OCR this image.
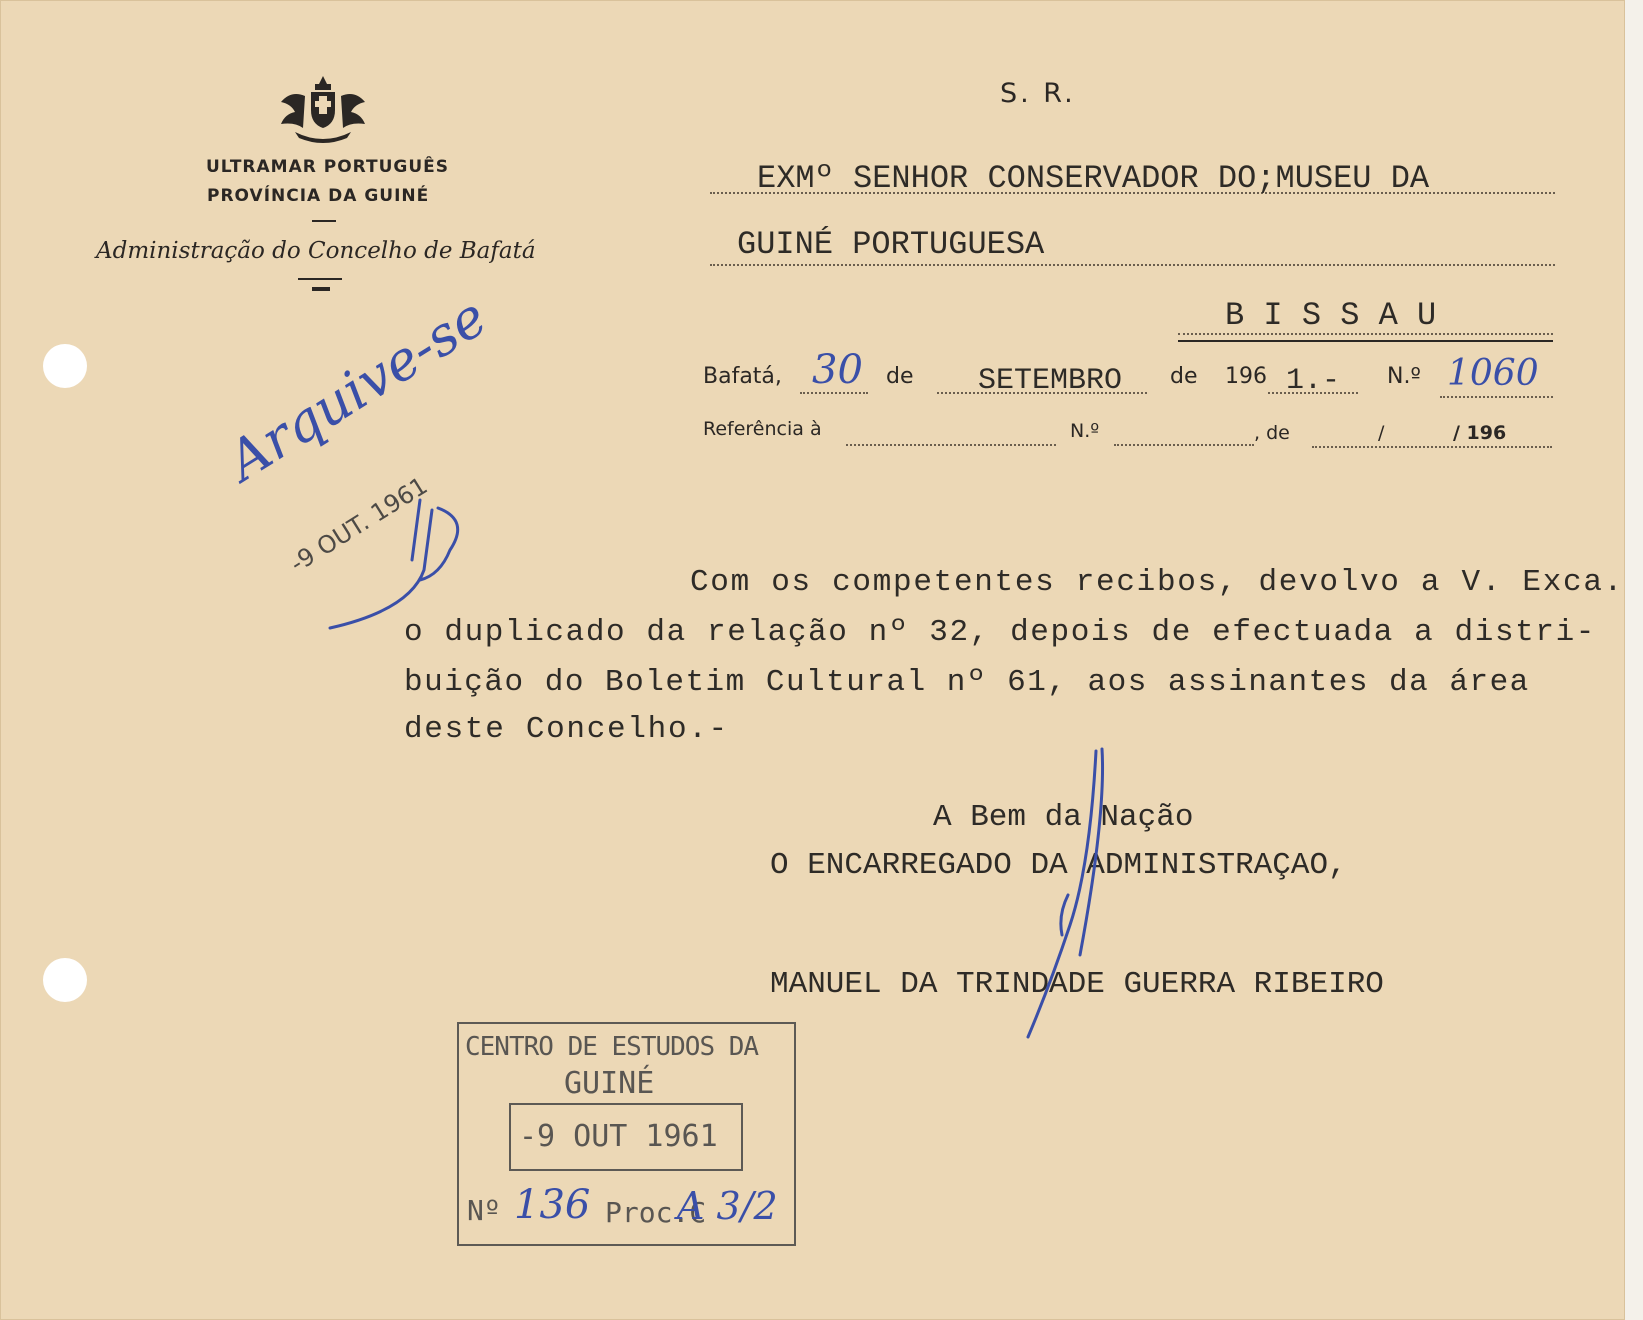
ULTRAMAR PORTUGUÊS
PROVÍNCIA DA GUINÉ
Administração do Concelho de Bafatá
S. R.
EXMº SENHOR CONSERVADOR DO;MUSEU DA
GUINÉ PORTUGUESA
B I S S A U
Bafatá, 30 de SETEMBRO de 196 1.- N.º 1060
Referência à	N.º	, de	/	/ 196
Arquive-se
-9 OUT. 1961
Com os competentes recibos, devolvo a V. Exca.
o duplicado da relação nº 32, depois de efectuada a distri-
buição do Boletim Cultural nº 61, aos assinantes da área
deste Concelho.-
A Bem da Nação
O ENCARREGADO DA ADMINISTRAÇAO,
MANUEL DA TRINDADE GUERRA RIBEIRO
CENTRO DE ESTUDOS DA
GUINÉ
-9 OUT 1961
Nº 136 Proc.C
A 3/2
